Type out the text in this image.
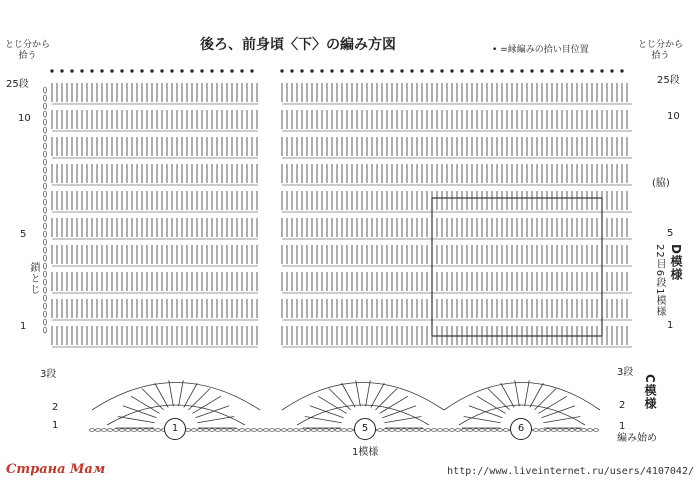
後ろ、前身頃〈下〉の編み方図	• =縁編みの拾い目位置
とじ分から
拾う
とじ分から
拾う
25段
10
5
1
3段
2
1
鎖とじ
25段
10
5
1
3段
2
1
(脇)
D模様
22目6段1模様
C模様
1	5	6
1模様
編み始め
Страна Мам	http://www.liveinternet.ru/users/4107042/
